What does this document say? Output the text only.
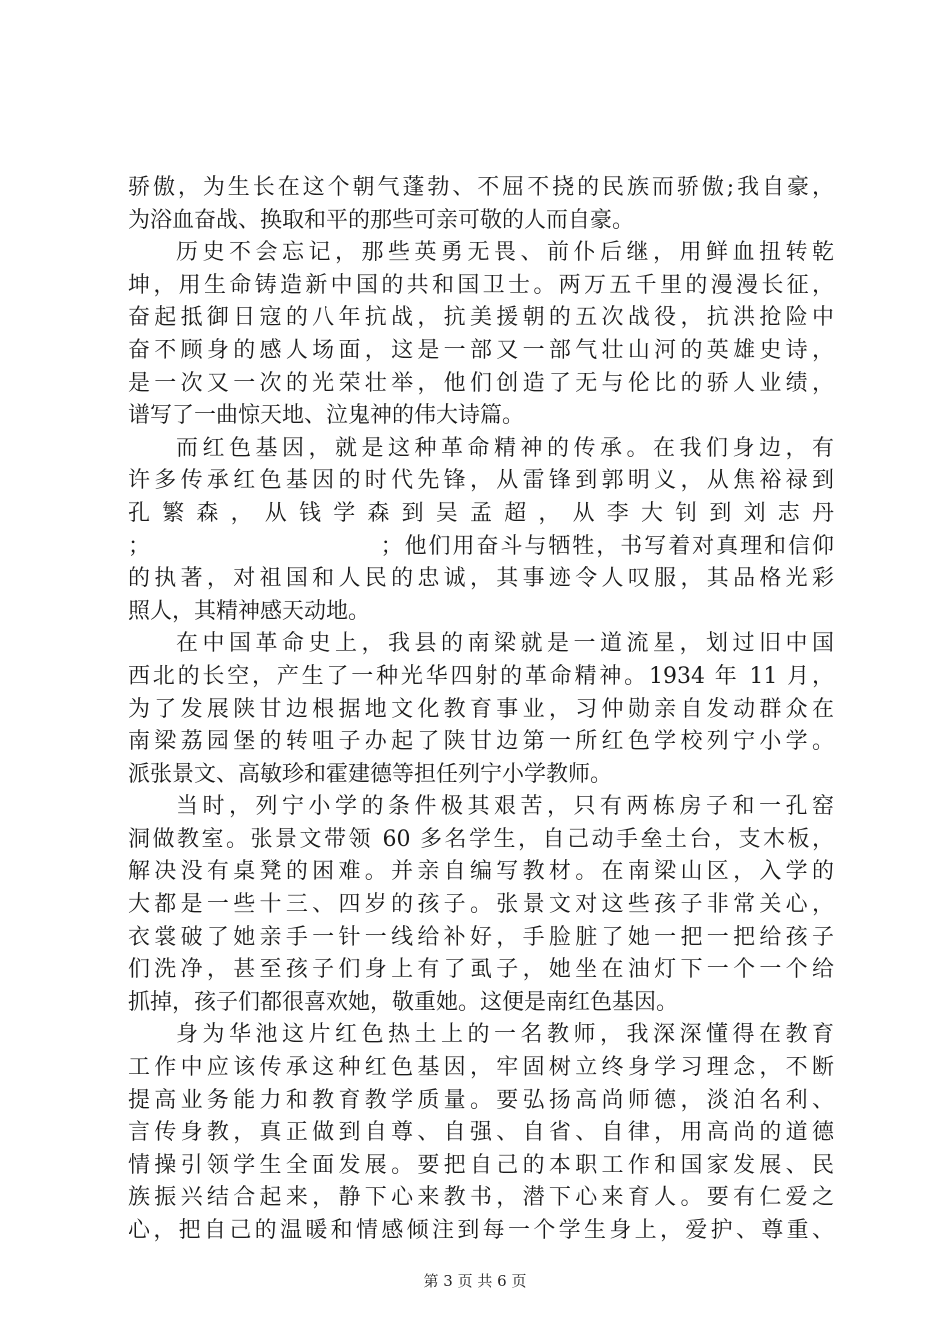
骄傲，为生长在这个朝气蓬勃、不屈不挠的民族而骄傲;我自豪，
为浴血奋战、换取和平的那些可亲可敬的人而自豪。
历史不会忘记，那些英勇无畏、前仆后继，用鲜血扭转乾
坤，用生命铸造新中国的共和国卫士。两万五千里的漫漫长征，
奋起抵御日寇的八年抗战，抗美援朝的五次战役，抗洪抢险中
奋不顾身的感人场面，这是一部又一部气壮山河的英雄史诗，
是一次又一次的光荣壮举，他们创造了无与伦比的骄人业绩，
谱写了一曲惊天地、泣鬼神的伟大诗篇。
而红色基因，就是这种革命精神的传承。在我们身边，有
许多传承红色基因的时代先锋，从雷锋到郭明义，从焦裕禄到
孔 繁 森 ， 从 钱 学 森 到 吴 孟 超 ， 从 李 大 钊 到 刘 志 丹
；　　　　　　　　　　；他们用奋斗与牺牲，书写着对真理和信仰
的执著，对祖国和人民的忠诚，其事迹令人叹服，其品格光彩
照人，其精神感天动地。
在中国革命史上，我县的南梁就是一道流星，划过旧中国
西北的长空，产生了一种光华四射的革命精神。1934 年 11 月，
为了发展陕甘边根据地文化教育事业，习仲勋亲自发动群众在
南梁荔园堡的转咀子办起了陕甘边第一所红色学校列宁小学。
派张景文、高敏珍和霍建德等担任列宁小学教师。
当时，列宁小学的条件极其艰苦，只有两栋房子和一孔窑
洞做教室。张景文带领 60 多名学生，自己动手垒土台，支木板，
解决没有桌凳的困难。并亲自编写教材。在南梁山区，入学的
大都是一些十三、四岁的孩子。张景文对这些孩子非常关心，
衣裳破了她亲手一针一线给补好，手脸脏了她一把一把给孩子
们洗净，甚至孩子们身上有了虱子，她坐在油灯下一个一个给
抓掉，孩子们都很喜欢她，敬重她。这便是南红色基因。
身为华池这片红色热土上的一名教师，我深深懂得在教育
工作中应该传承这种红色基因，牢固树立终身学习理念，不断
提高业务能力和教育教学质量。要弘扬高尚师德，淡泊名利、
言传身教，真正做到自尊、自强、自省、自律，用高尚的道德
情操引领学生全面发展。要把自己的本职工作和国家发展、民
族振兴结合起来，静下心来教书，潜下心来育人。要有仁爱之
心，把自己的温暖和情感倾注到每一个学生身上，爱护、尊重、
第 3 页 共 6 页
